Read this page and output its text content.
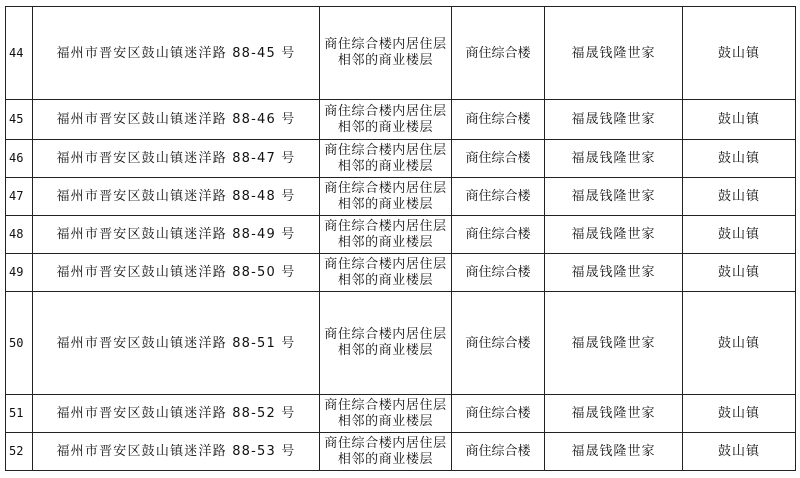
44	福州市晋安区鼓山镇迷洋路 88-45 号	商住综合楼内居住层
相邻的商业楼层	商住综合楼	福晟钱隆世家	鼓山镇
45	福州市晋安区鼓山镇迷洋路 88-46 号	商住综合楼内居住层
相邻的商业楼层	商住综合楼	福晟钱隆世家	鼓山镇
46	福州市晋安区鼓山镇迷洋路 88-47 号	商住综合楼内居住层
相邻的商业楼层	商住综合楼	福晟钱隆世家	鼓山镇
47	福州市晋安区鼓山镇迷洋路 88-48 号	商住综合楼内居住层
相邻的商业楼层	商住综合楼	福晟钱隆世家	鼓山镇
48	福州市晋安区鼓山镇迷洋路 88-49 号	商住综合楼内居住层
相邻的商业楼层	商住综合楼	福晟钱隆世家	鼓山镇
49	福州市晋安区鼓山镇迷洋路 88-50 号	商住综合楼内居住层
相邻的商业楼层	商住综合楼	福晟钱隆世家	鼓山镇
50	福州市晋安区鼓山镇迷洋路 88-51 号	商住综合楼内居住层
相邻的商业楼层	商住综合楼	福晟钱隆世家	鼓山镇
51	福州市晋安区鼓山镇迷洋路 88-52 号	商住综合楼内居住层
相邻的商业楼层	商住综合楼	福晟钱隆世家	鼓山镇
52	福州市晋安区鼓山镇迷洋路 88-53 号	商住综合楼内居住层
相邻的商业楼层	商住综合楼	福晟钱隆世家	鼓山镇
